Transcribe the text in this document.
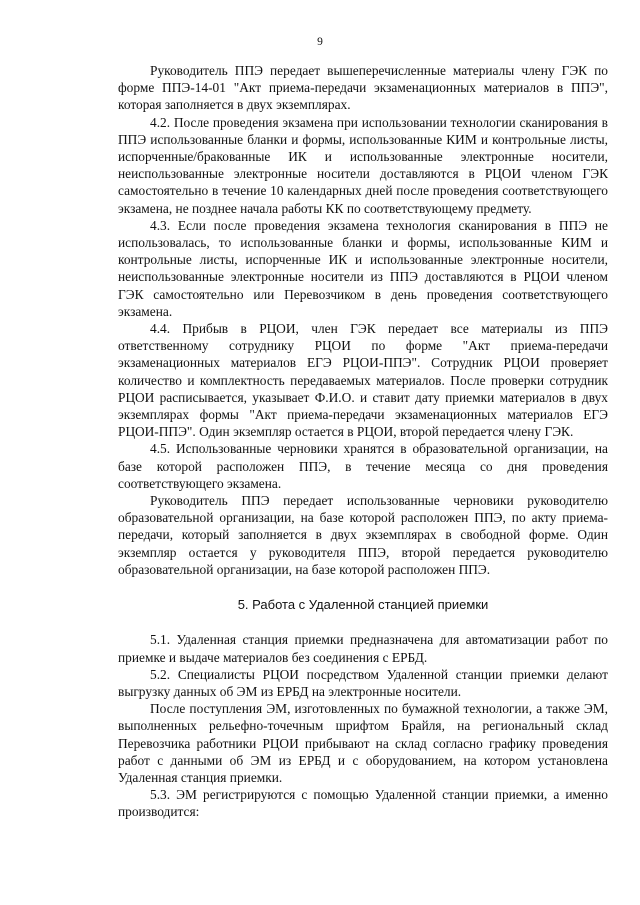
9

Руководитель ППЭ передает вышеперечисленные материалы члену ГЭК по форме ППЭ-14-01 "Акт приема-передачи экзаменационных материалов в ППЭ", которая заполняется в двух экземплярах.

4.2. После проведения экзамена при использовании технологии сканирования в ППЭ использованные бланки и формы, использованные КИМ и контрольные листы, испорченные/бракованные ИК и использованные электронные носители, неиспользованные электронные носители доставляются в РЦОИ членом ГЭК самостоятельно в течение 10 календарных дней после проведения соответствующего экзамена, не позднее начала работы КК по соответствующему предмету.

4.3. Если после проведения экзамена технология сканирования в ППЭ не использовалась, то использованные бланки и формы, использованные КИМ и контрольные листы, испорченные ИК и использованные электронные носители, неиспользованные электронные носители из ППЭ доставляются в РЦОИ членом ГЭК самостоятельно или Перевозчиком в день проведения соответствующего экзамена.

4.4. Прибыв в РЦОИ, член ГЭК передает все материалы из ППЭ ответственному сотруднику РЦОИ по форме "Акт приема-передачи экзаменационных материалов ЕГЭ РЦОИ-ППЭ". Сотрудник РЦОИ проверяет количество и комплектность передаваемых материалов. После проверки сотрудник РЦОИ расписывается, указывает Ф.И.О. и ставит дату приемки материалов в двух экземплярах формы "Акт приема-передачи экзаменационных материалов ЕГЭ РЦОИ-ППЭ". Один экземпляр остается в РЦОИ, второй передается члену ГЭК.

4.5. Использованные черновики хранятся в образовательной организации, на базе которой расположен ППЭ, в течение месяца со дня проведения соответствующего экзамена.

Руководитель ППЭ передает использованные черновики руководителю образовательной организации, на базе которой расположен ППЭ, по акту приема-передачи, который заполняется в двух экземплярах в свободной форме. Один экземпляр остается у руководителя ППЭ, второй передается руководителю образовательной организации, на базе которой расположен ППЭ.

5. Работа с Удаленной станцией приемки

5.1. Удаленная станция приемки предназначена для автоматизации работ по приемке и выдаче материалов без соединения с ЕРБД.

5.2. Специалисты РЦОИ посредством Удаленной станции приемки делают выгрузку данных об ЭМ из ЕРБД на электронные носители.

После поступления ЭМ, изготовленных по бумажной технологии, а также ЭМ, выполненных рельефно-точечным шрифтом Брайля, на региональный склад Перевозчика работники РЦОИ прибывают на склад согласно графику проведения работ с данными об ЭМ из ЕРБД и с оборудованием, на котором установлена Удаленная станция приемки.

5.3. ЭМ регистрируются с помощью Удаленной станции приемки, а именно производится:
